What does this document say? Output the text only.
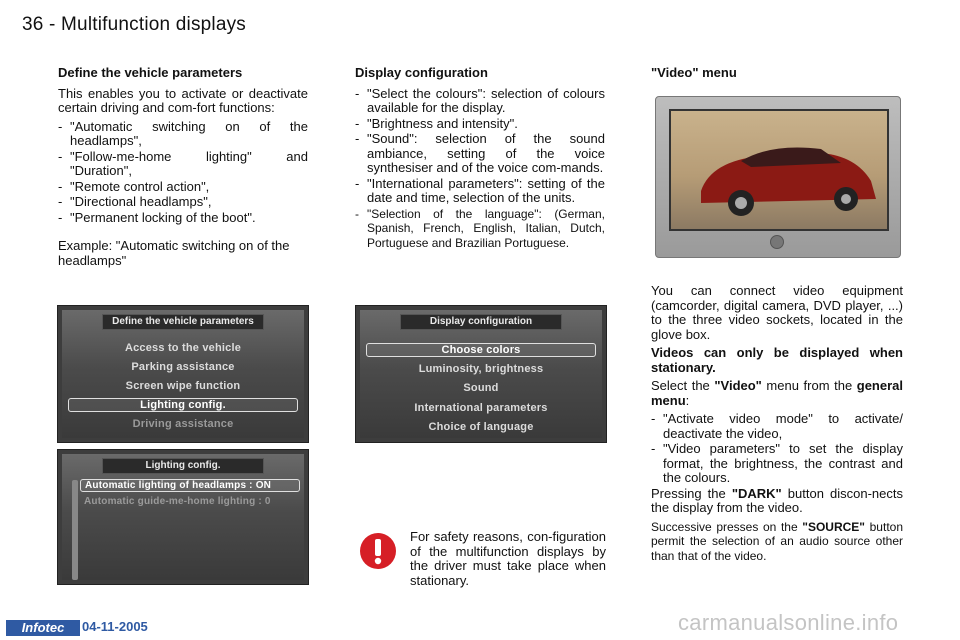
36 - Multifunction displays
Define the vehicle parameters
This enables you to activate or deactivate certain driving and com-fort functions:
- "Automatic switching on of the headlamps",
- "Follow-me-home lighting" and "Duration",
- "Remote control action",
- "Directional headlamps",
- "Permanent locking of the boot".
Example: "Automatic switching on of the headlamps"
Display configuration
- "Select the colours": selection of colours available for the display.
- "Brightness and intensity".
- "Sound": selection of the sound ambiance, setting of the voice synthesiser and of the voice com-mands.
- "International parameters": setting of the date and time, selection of the units.
- "Selection of the language": (German, Spanish, French, English, Italian, Dutch, Portuguese and Brazilian Portuguese.
"Video" menu
You can connect video equipment (camcorder, digital camera, DVD player, ...) to the three video sockets, located in the glove box.
Videos can only be displayed when stationary.
Select the "Video" menu from the general menu:
- "Activate video mode" to activate/ deactivate the video,
- "Video parameters" to set the display format, the brightness, the contrast and the colours.
Pressing the "DARK" button discon-nects the display from the video.
Successive presses on the "SOURCE" button permit the selection of an audio source other than that of the video.
Define the vehicle parameters
Access to the vehicle
Parking assistance
Screen wipe function
Lighting config.
Driving assistance
Display configuration
Choose colors
Luminosity, brightness
Sound
International parameters
Choice of language
Lighting config.
Automatic lighting of headlamps : ON
Automatic guide-me-home lighting : 0
For safety reasons, con-figuration of the multifunction displays by the driver must take place when stationary.
Infotec	04-11-2005	carmanualsonline.info
